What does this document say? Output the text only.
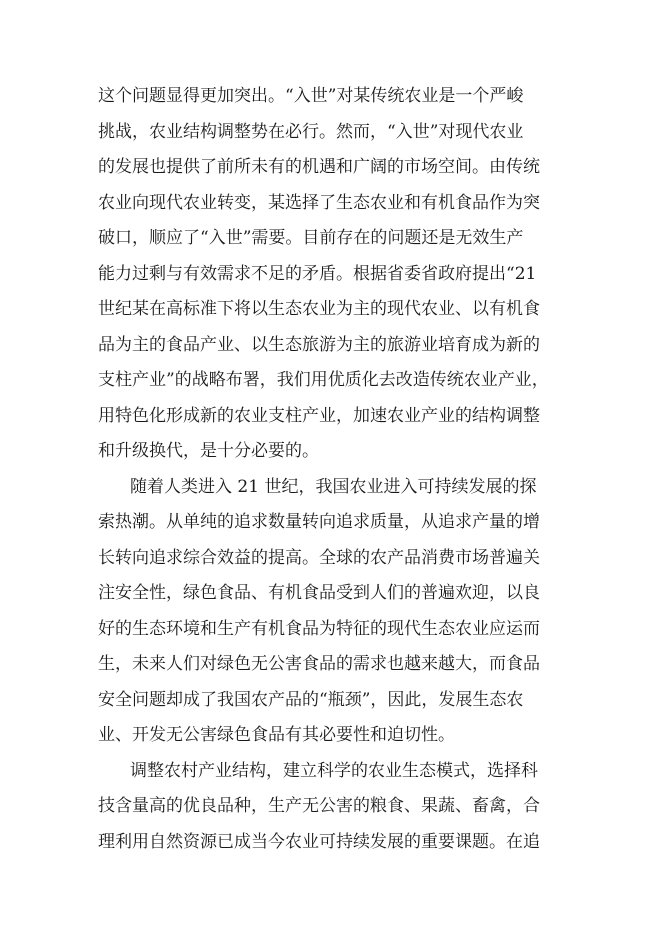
这个问题显得更加突出。“入世”对某传统农业是一个严峻
挑战，农业结构调整势在必行。然而，“入世”对现代农业
的发展也提供了前所未有的机遇和广阔的市场空间。由传统
农业向现代农业转变，某选择了生态农业和有机食品作为突
破口，顺应了“入世”需要。目前存在的问题还是无效生产
能力过剩与有效需求不足的矛盾。根据省委省政府提出“21
世纪某在高标准下将以生态农业为主的现代农业、以有机食
品为主的食品产业、以生态旅游为主的旅游业培育成为新的
支柱产业”的战略布署，我们用优质化去改造传统农业产业，
用特色化形成新的农业支柱产业，加速农业产业的结构调整
和升级换代，是十分必要的。
随着人类进入 21 世纪，我国农业进入可持续发展的探
索热潮。从单纯的追求数量转向追求质量，从追求产量的增
长转向追求综合效益的提高。全球的农产品消费市场普遍关
注安全性，绿色食品、有机食品受到人们的普遍欢迎，以良
好的生态环境和生产有机食品为特征的现代生态农业应运而
生，未来人们对绿色无公害食品的需求也越来越大，而食品
安全问题却成了我国农产品的“瓶颈”，因此，发展生态农
业、开发无公害绿色食品有其必要性和迫切性。
调整农村产业结构，建立科学的农业生态模式，选择科
技含量高的优良品种，生产无公害的粮食、果蔬、畜禽，合
理利用自然资源已成当今农业可持续发展的重要课题。在追
